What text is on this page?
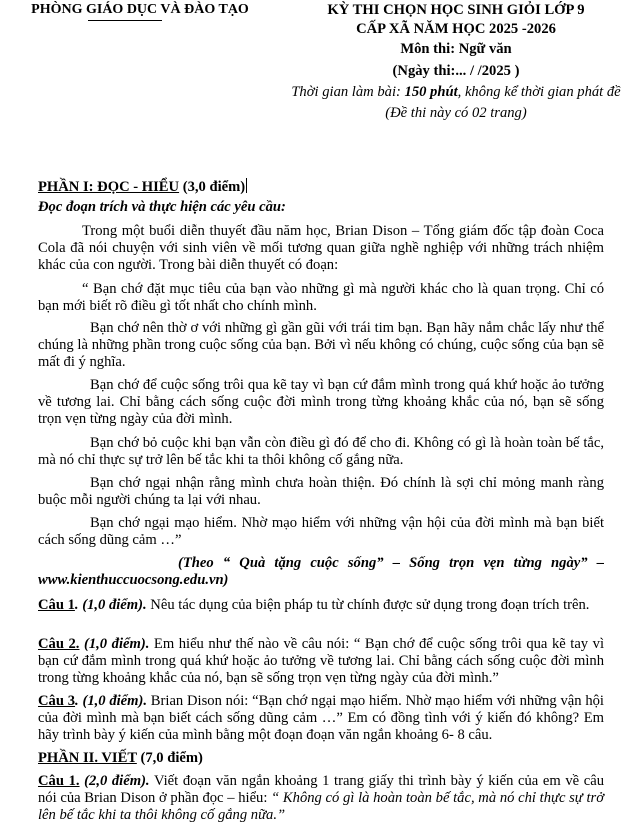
PHÒNG GIÁO DỤC VÀ ĐÀO TẠO	KỲ THI CHỌN HỌC SINH GIỎI LỚP 9
CẤP XÃ NĂM HỌC 2025 -2026
Môn thi: Ngữ văn
(Ngày thi:... / /2025 )
Thời gian làm bài: 150 phút, không kể thời gian phát đề
(Đề thi này có 02 trang)
PHẦN I: ĐỌC - HIỂU (3,0 điểm)
Đọc đoạn trích và thực hiện các yêu cầu:
Trong một buổi diễn thuyết đầu năm học, Brian Dison – Tổng giám đốc tập đoàn Coca Cola đã nói chuyện với sinh viên về mối tương quan giữa nghề nghiệp với những trách nhiệm khác của con người. Trong bài diễn thuyết có đoạn:
“ Bạn chớ đặt mục tiêu của bạn vào những gì mà người khác cho là quan trọng. Chỉ có bạn mới biết rõ điều gì tốt nhất cho chính mình.
Bạn chớ nên thờ ơ với những gì gần gũi với trái tim bạn. Bạn hãy nắm chắc lấy như thể chúng là những phần trong cuộc sống của bạn. Bởi vì nếu không có chúng, cuộc sống của bạn sẽ mất đi ý nghĩa.
Bạn chớ để cuộc sống trôi qua kẽ tay vì bạn cứ đắm mình trong quá khứ hoặc ảo tưởng về tương lai. Chỉ bằng cách sống cuộc đời mình trong từng khoảng khắc của nó, bạn sẽ sống trọn vẹn từng ngày của đời mình.
Bạn chớ bỏ cuộc khi bạn vẫn còn điều gì đó để cho đi. Không có gì là hoàn toàn bế tắc, mà nó chỉ thực sự trở lên bế tắc khi ta thôi không cố gắng nữa.
Bạn chớ ngại nhận rằng mình chưa hoàn thiện. Đó chính là sợi chỉ mỏng manh ràng buộc mỗi người chúng ta lại với nhau.
Bạn chớ ngại mạo hiểm. Nhờ mạo hiểm với những vận hội của đời mình mà bạn biết cách sống dũng cảm …”
(Theo “ Quà tặng cuộc sống” – Sống trọn vẹn từng ngày” – www.kienthuccuocsong.edu.vn)
Câu 1. (1,0 điểm). Nêu tác dụng của biện pháp tu từ chính được sử dụng trong đoạn trích trên.
Câu 2. (1,0 điểm). Em hiểu như thế nào về câu nói: “ Bạn chớ để cuộc sống trôi qua kẽ tay vì bạn cứ đắm mình trong quá khứ hoặc ảo tưởng về tương lai. Chỉ bằng cách sống cuộc đời mình trong từng khoảng khắc của nó, bạn sẽ sống trọn vẹn từng ngày của đời mình.”
Câu 3. (1,0 điểm). Brian Dison nói: “Bạn chớ ngại mạo hiểm. Nhờ mạo hiểm với những vận hội của đời mình mà bạn biết cách sống dũng cảm …” Em có đồng tình với ý kiến đó không? Em hãy trình bày ý kiến của mình bằng một đoạn đoạn văn ngắn khoảng 6- 8 câu.
PHẦN II. VIẾT (7,0 điểm)
Câu 1. (2,0 điểm). Viết đoạn văn ngắn khoảng 1 trang giấy thi trình bày ý kiến của em về câu nói của Brian Dison ở phần đọc – hiểu: “ Không có gì là hoàn toàn bế tắc, mà nó chỉ thực sự trở lên bế tắc khi ta thôi không cố gắng nữa.”
